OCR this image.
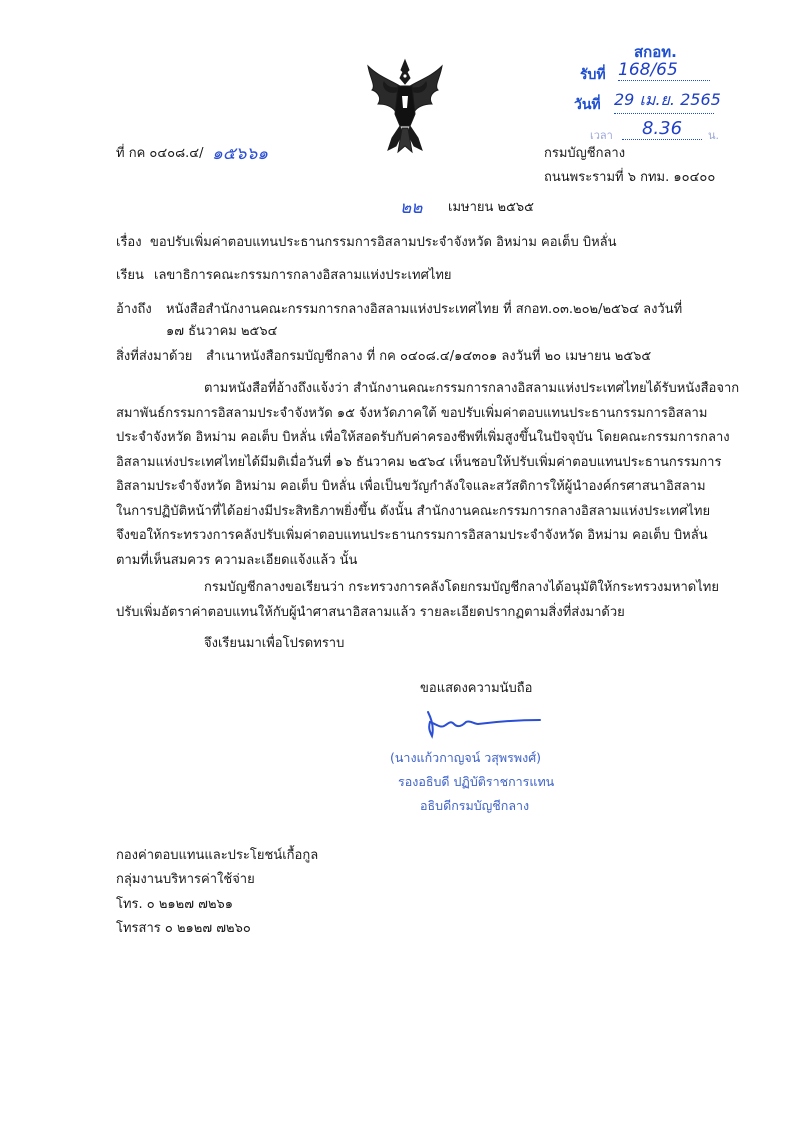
สกอท.
รับที่ 168/65
วันที่ 29 เม.ย. 2565
เวลา	8.36	น.
ที่ กค ๐๔๐๘.๔/ ๑๕๖๖๑	กรมบัญชีกลาง
ถนนพระรามที่ ๖ กทม. ๑๐๔๐๐
๒๒ เมษายน ๒๕๖๕
เรื่อง ขอปรับเพิ่มค่าตอบแทนประธานกรรมการอิสลามประจำจังหวัด อิหม่าม คอเต็บ บิหลั่น
เรียน เลขาธิการคณะกรรมการกลางอิสลามแห่งประเทศไทย
อ้างถึง หนังสือสำนักงานคณะกรรมการกลางอิสลามแห่งประเทศไทย ที่ สกอท.๐๓.๒๐๒/๒๕๖๔ ลงวันที่
๑๗ ธันวาคม ๒๕๖๔
สิ่งที่ส่งมาด้วย สำเนาหนังสือกรมบัญชีกลาง ที่ กค ๐๔๐๘.๔/๑๔๓๐๑ ลงวันที่ ๒๐ เมษายน ๒๕๖๕
ตามหนังสือที่อ้างถึงแจ้งว่า สำนักงานคณะกรรมการกลางอิสลามแห่งประเทศไทยได้รับหนังสือจาก
สมาพันธ์กรรมการอิสลามประจำจังหวัด ๑๕ จังหวัดภาคใต้ ขอปรับเพิ่มค่าตอบแทนประธานกรรมการอิสลาม
ประจำจังหวัด อิหม่าม คอเต็บ บิหลั่น เพื่อให้สอดรับกับค่าครองชีพที่เพิ่มสูงขึ้นในปัจจุบัน โดยคณะกรรมการกลาง
อิสลามแห่งประเทศไทยได้มีมติเมื่อวันที่ ๑๖ ธันวาคม ๒๕๖๔ เห็นชอบให้ปรับเพิ่มค่าตอบแทนประธานกรรมการ
อิสลามประจำจังหวัด อิหม่าม คอเต็บ บิหลั่น เพื่อเป็นขวัญกำลังใจและสวัสดิการให้ผู้นำองค์กรศาสนาอิสลาม
ในการปฏิบัติหน้าที่ได้อย่างมีประสิทธิภาพยิ่งขึ้น ดังนั้น สำนักงานคณะกรรมการกลางอิสลามแห่งประเทศไทย
จึงขอให้กระทรวงการคลังปรับเพิ่มค่าตอบแทนประธานกรรมการอิสลามประจำจังหวัด อิหม่าม คอเต็บ บิหลั่น
ตามที่เห็นสมควร ความละเอียดแจ้งแล้ว นั้น
กรมบัญชีกลางขอเรียนว่า กระทรวงการคลังโดยกรมบัญชีกลางได้อนุมัติให้กระทรวงมหาดไทย
ปรับเพิ่มอัตราค่าตอบแทนให้กับผู้นำศาสนาอิสลามแล้ว รายละเอียดปรากฏตามสิ่งที่ส่งมาด้วย
จึงเรียนมาเพื่อโปรดทราบ
ขอแสดงความนับถือ
(นางแก้วกาญจน์ วสุพรพงศ์)
รองอธิบดี ปฏิบัติราชการแทน
อธิบดีกรมบัญชีกลาง
กองค่าตอบแทนและประโยชน์เกื้อกูล
กลุ่มงานบริหารค่าใช้จ่าย
โทร. ๐ ๒๑๒๗ ๗๒๖๑
โทรสาร ๐ ๒๑๒๗ ๗๒๖๐
